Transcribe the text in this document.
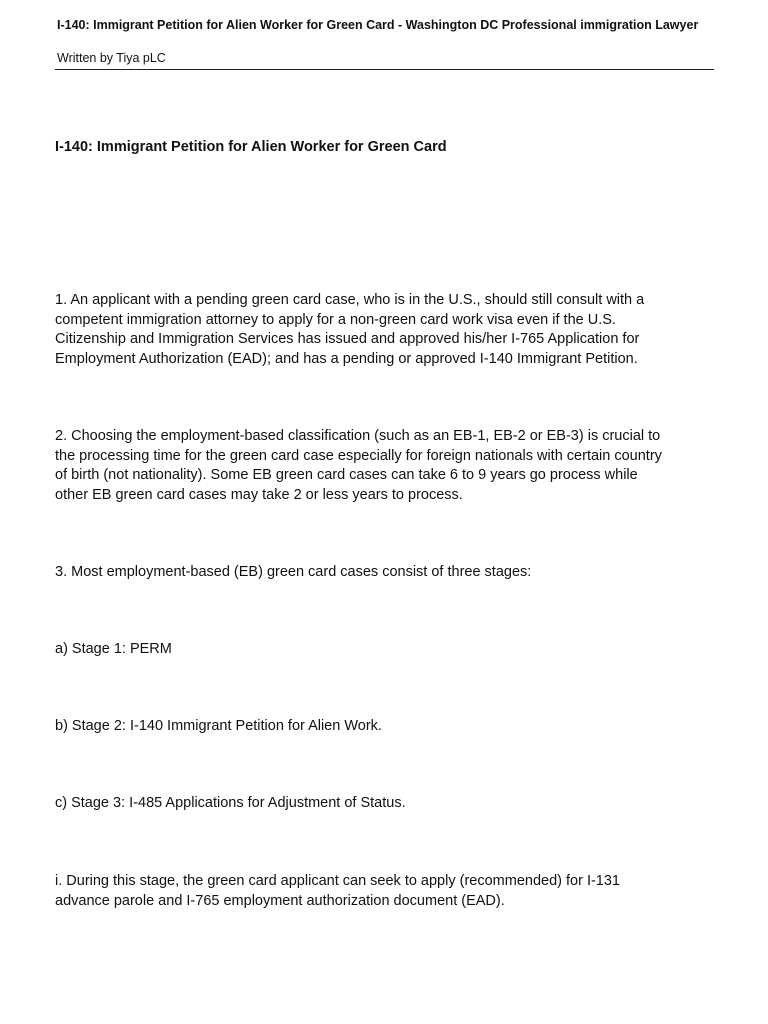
I-140: Immigrant Petition for Alien Worker for Green Card - Washington DC Professional immigration Lawyer
Written by Tiya pLC
I-140: Immigrant Petition for Alien Worker for Green Card
1. An applicant with a pending green card case, who is in the U.S., should still consult with a
competent immigration attorney to apply for a non-green card work visa even if the U.S.
Citizenship and Immigration Services has issued and approved his/her I-765 Application for
Employment Authorization (EAD); and has a pending or approved I-140 Immigrant Petition.
2. Choosing the employment-based classification (such as an EB-1, EB-2 or EB-3) is crucial to
the processing time for the green card case especially for foreign nationals with certain country
of birth (not nationality). Some EB green card cases can take 6 to 9 years go process while
other EB green card cases may take 2 or less years to process.
3. Most employment-based (EB) green card cases consist of three stages:
a) Stage 1: PERM
b) Stage 2: I-140 Immigrant Petition for Alien Work.
c) Stage 3: I-485 Applications for Adjustment of Status.
i. During this stage, the green card applicant can seek to apply (recommended) for I-131
advance parole and I-765 employment authorization document (EAD).
